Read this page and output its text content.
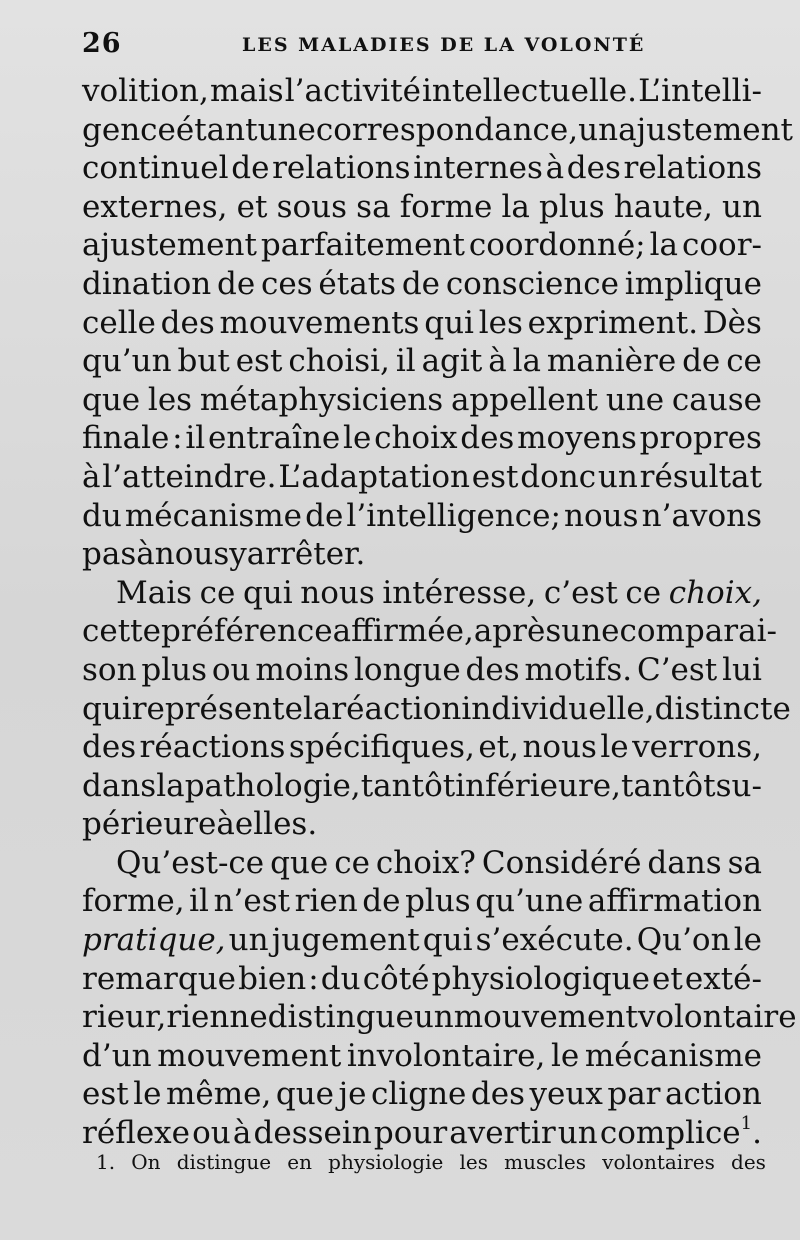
26	LES MALADIES DE LA VOLONTÉ
volition, mais l’activité intellectuelle. L’intelli-
gence étant une correspondance, un ajustement
continuel de relations internes à des relations
externes, et sous sa forme la plus haute, un
ajustement parfaitement coordonné; la coor-
dination de ces états de conscience implique
celle des mouvements qui les expriment. Dès
qu’un but est choisi, il agit à la manière de ce
que les métaphysiciens appellent une cause
finale : il entraîne le choix des moyens propres
à l’atteindre. L’adaptation est donc un résultat
du mécanisme de l’intelligence; nous n’avons
pasànousyarrêter.
Mais ce qui nous intéresse, c’est ce choix,
cette préférence affirmée, après une comparai-
son plus ou moins longue des motifs. C’est lui
qui représente la réaction individuelle, distincte
des réactions spécifiques, et, nous le verrons,
dans la pathologie, tantôt inférieure, tantôt su-
périeureàelles.
Qu’est-ce que ce choix? Considéré dans sa
forme, il n’est rien de plus qu’une affirmation
pratique, un jugement qui s’exécute. Qu’on le
remarque bien : du côté physiologique et exté-
rieur, rien ne distingue un mouvement volontaire
d’un mouvement involontaire, le mécanisme
est le même, que je cligne des yeux par action
réflexe ou à dessein pour avertir un complice$^1$.
1. On distingue en physiologie les muscles volontaires des
